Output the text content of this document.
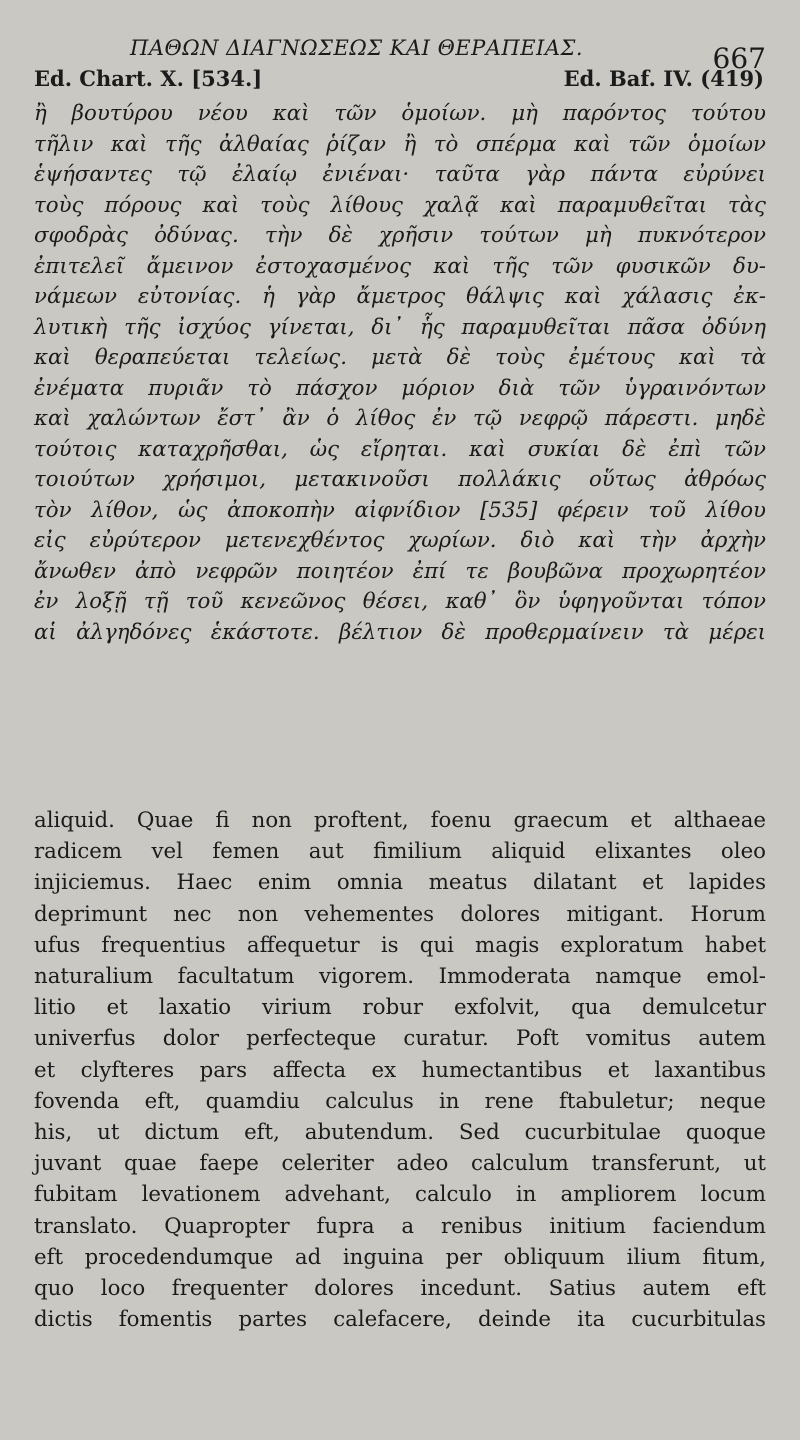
ΠΑΘΩΝ ΔΙΑΓΝΩΣΕΩΣ ΚΑΙ ΘΕΡΑΠΕΙΑΣ.	667
Ed. Chart. X. [534.]	Ed. Baf. IV. (419)
ἢ βουτύρου νέου καὶ τῶν ὁμοίων. μὴ παρόντος τούτου
τῆλιν καὶ τῆς ἀλθαίας ῥίζαν ἢ τὸ σπέρμα καὶ τῶν ὁμοίων
ἑψήσαντες τῷ ἐλαίῳ ἐνιέναι· ταῦτα γὰρ πάντα εὐρύνει
τοὺς πόρους καὶ τοὺς λίθους χαλᾷ καὶ παραμυθεῖται τὰς
σφοδρὰς ὀδύνας. τὴν δὲ χρῆσιν τούτων μὴ πυκνότερον
ἐπιτελεῖ ἄμεινον ἐστοχασμένος καὶ τῆς τῶν φυσικῶν δυ-
νάμεων εὐτονίας. ἡ γὰρ ἄμετρος θάλψις καὶ χάλασις ἐκ-
λυτικὴ τῆς ἰσχύος γίνεται, δι᾽ ἧς παραμυθεῖται πᾶσα ὀδύνη
καὶ θεραπεύεται τελείως. μετὰ δὲ τοὺς ἐμέτους καὶ τὰ
ἐνέματα πυριᾶν τὸ πάσχον μόριον διὰ τῶν ὑγραινόντων
καὶ χαλώντων ἔστ᾽ ἂν ὁ λίθος ἐν τῷ νεφρῷ πάρεστι. μηδὲ
τούτοις καταχρῆσθαι, ὡς εἴρηται. καὶ συκίαι δὲ ἐπὶ τῶν
τοιούτων χρήσιμοι, μετακινοῦσι πολλάκις οὕτως ἀθρόως
τὸν λίθον, ὡς ἀποκοπὴν αἰφνίδιον [535] φέρειν τοῦ λίθου
εἰς εὐρύτερον μετενεχθέντος χωρίων. διὸ καὶ τὴν ἀρχὴν
ἄνωθεν ἀπὸ νεφρῶν ποιητέον ἐπί τε βουβῶνα προχωρητέον
ἐν λοξῇ τῇ τοῦ κενεῶνος θέσει, καθ᾽ ὃν ὑφηγοῦνται τόπον
αἱ ἀλγηδόνες ἑκάστοτε. βέλτιον δὲ προθερμαίνειν τὰ μέρει
aliquid. Quae fi non proftent, foenu graecum et althaeae
radicem vel femen aut fimilium aliquid elixantes oleo
injiciemus. Haec enim omnia meatus dilatant et lapides
deprimunt nec non vehementes dolores mitigant. Horum
ufus frequentius affequetur is qui magis exploratum habet
naturalium facultatum vigorem. Immoderata namque emol-
litio et laxatio virium robur exfolvit, qua demulcetur
univerfus dolor perfecteque curatur. Poft vomitus autem
et clyfteres pars affecta ex humectantibus et laxantibus
fovenda eft, quamdiu calculus in rene ftabuletur; neque
his, ut dictum eft, abutendum. Sed cucurbitulae quoque
juvant quae faepe celeriter adeo calculum transferunt, ut
fubitam levationem advehant, calculo in ampliorem locum
translato. Quapropter fupra a renibus initium faciendum
eft procedendumque ad inguina per obliquum ilium fitum,
quo loco frequenter dolores incedunt. Satius autem eft
dictis fomentis partes calefacere, deinde ita cucurbitulas
